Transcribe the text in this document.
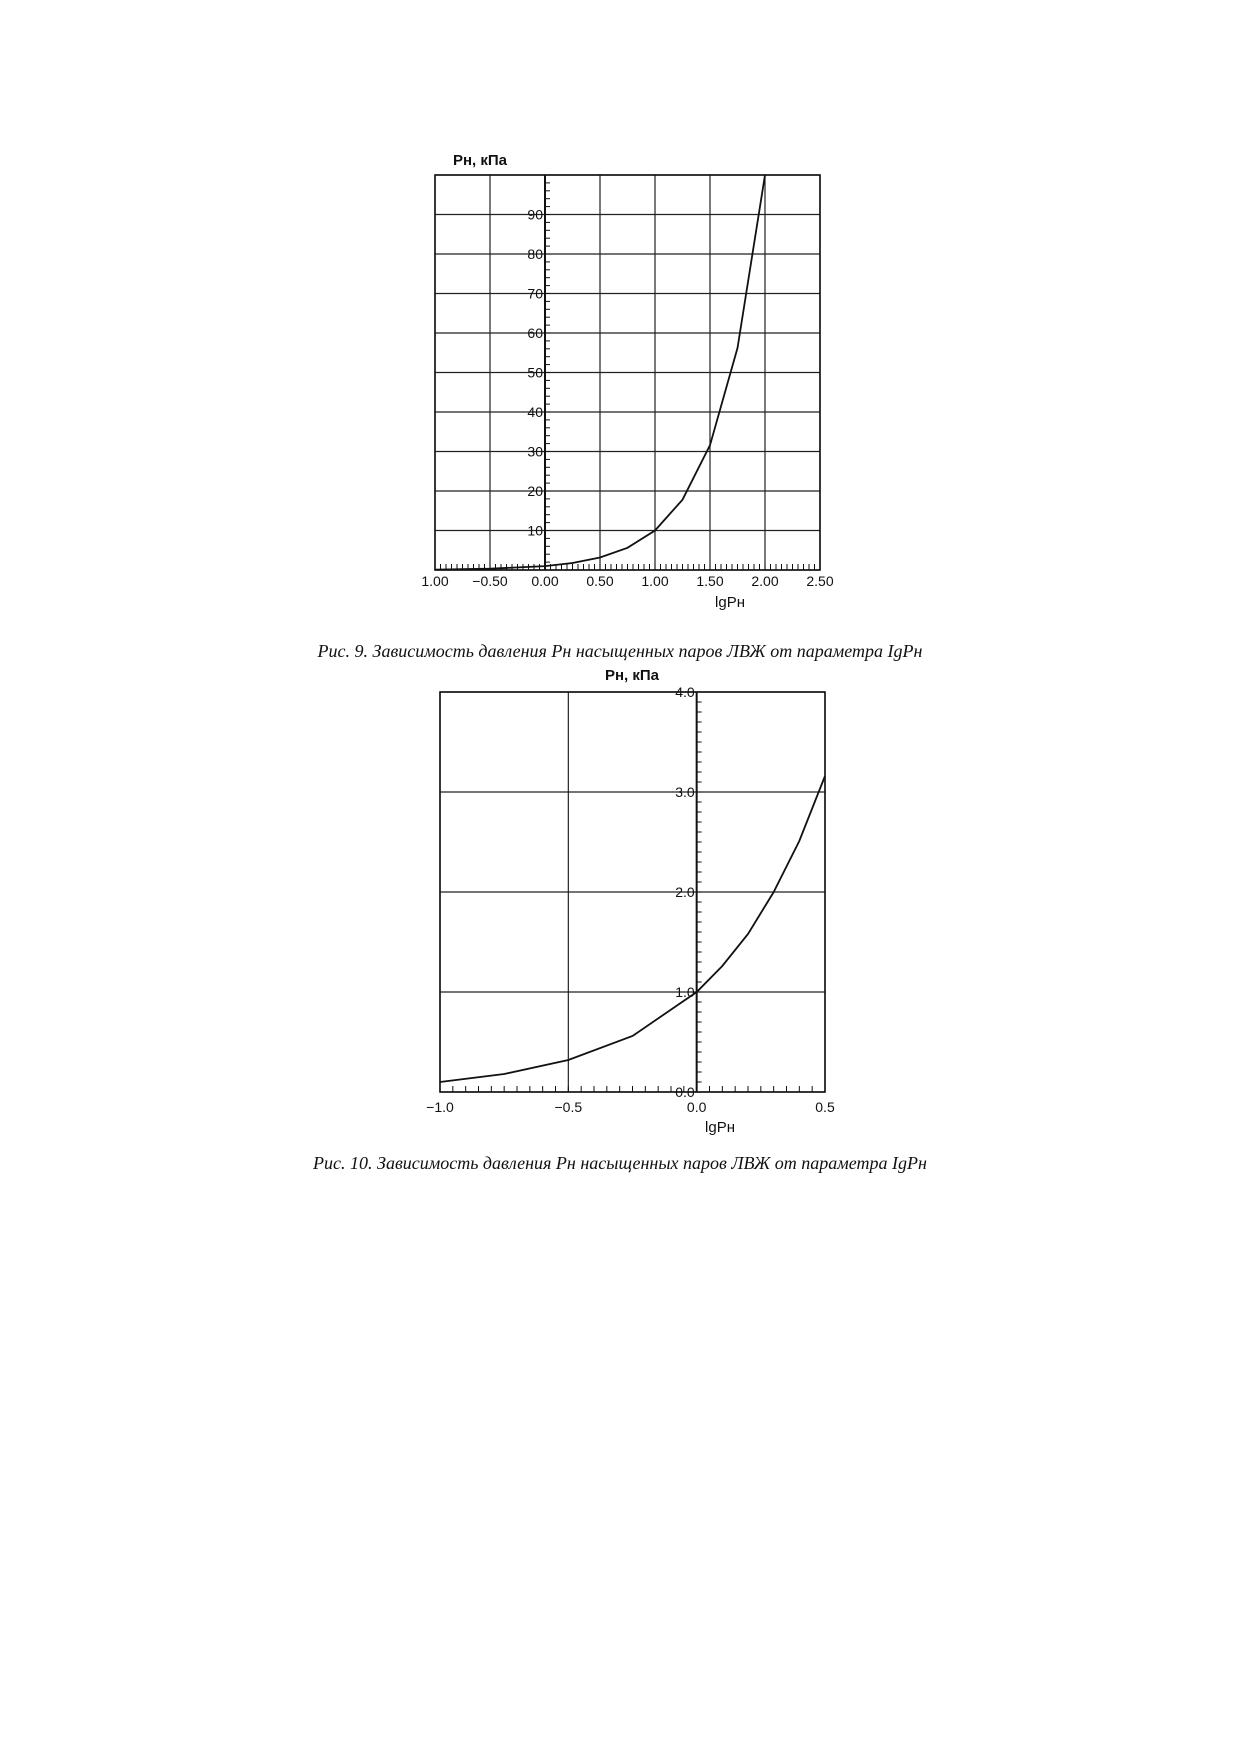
1.00 −0.50 0.00 0.50 1.00 1.50 2.00 2.50
10
20
30
40
50
60
70
80
90
lgPн
Pн, кПа
Рис. 9. Зависимость давления Рн насыщенных паров ЛВЖ от параметра IgPн
−1.0	−0.5	0.0	0.5
0.0
1.0
2.0
3.0
4.0
lgPн
Pн, кПа
Рис. 10. Зависимость давления Рн насыщенных паров ЛВЖ от параметра IgPн
